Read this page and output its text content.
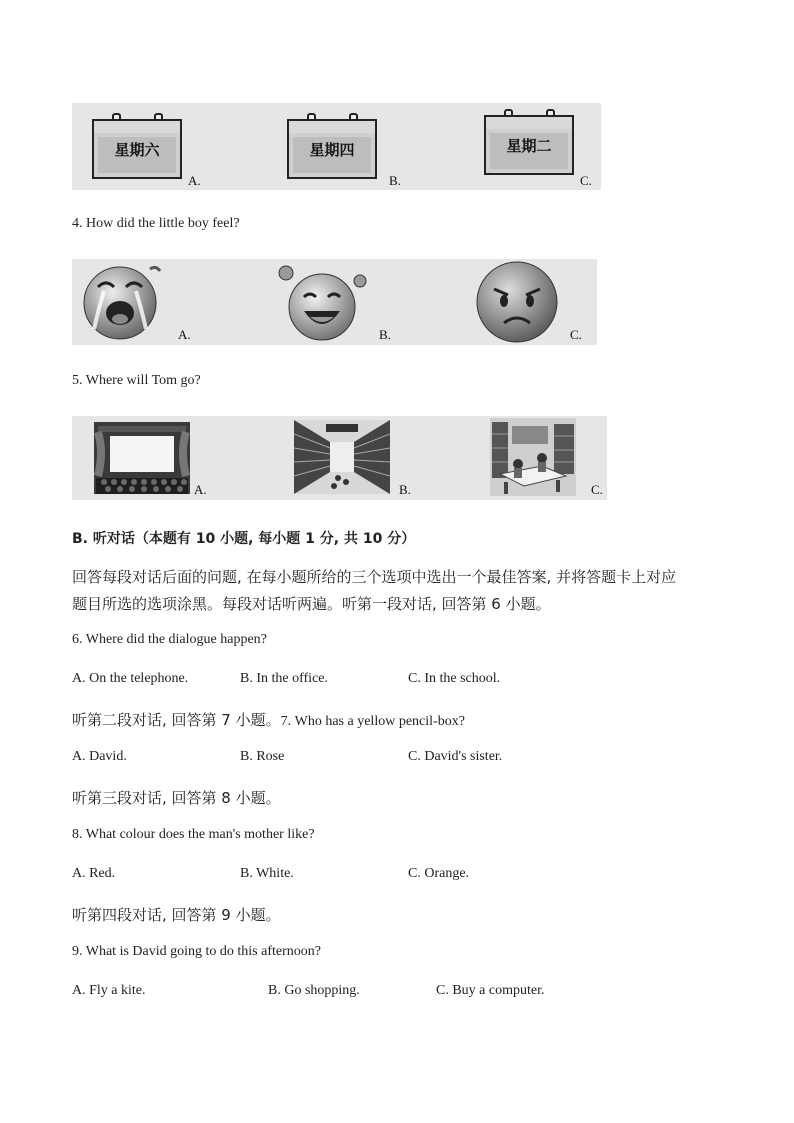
星期六
A.
星期四
B.
星期二
C.
4. How did the little boy feel?
A.	B.	C.
5. Where will Tom go?
A.	B.	C.
B. 听对话（本题有 10 小题, 每小题 1 分, 共 10 分）
回答每段对话后面的问题, 在每小题所给的三个选项中选出一个最佳答案, 并将答题卡上对应
题目所选的选项涂黑。每段对话听两遍。听第一段对话, 回答第 6 小题。
6. Where did the dialogue happen?
A. On the telephone.	B. In the office.	C. In the school.
听第二段对话, 回答第 7 小题。7. Who has a yellow pencil-box?
A. David.	B. Rose	C. David's sister.
听第三段对话, 回答第 8 小题。
8. What colour does the man's mother like?
A. Red.	B. White.	C. Orange.
听第四段对话, 回答第 9 小题。
9. What is David going to do this afternoon?
A. Fly a kite.	B. Go shopping.	C. Buy a computer.
